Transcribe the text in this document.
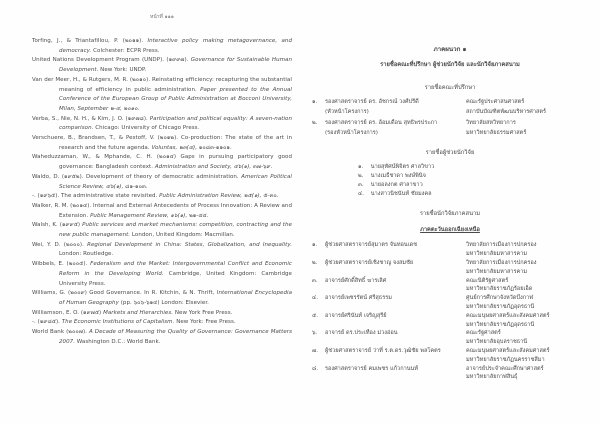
หน้าที่ ๑๑๑
Torfing, J., & Triantafillou, P. (๒๐๑๑). Interactive policy making metagovernance, and democracy. Colchester: ECPR Press.
United Nations Development Program (UNDP). (๑๙๙๗). Governance for Sustainable Human Development. New York: UNDP.
Van der Meer, H., & Rutgers, M. R. (๒๐๑๐). Reinstating efficiency: recapturing the substantial meaning of efficiency in public administration. Paper presented to the Annual Conference of the European Group of Public Administration at Bocconi University, Milan, September ๒-๔, ๒๐๑๐.
Verba, S., Nie, N. H., & Kim, J. O. (๑๙๗๘). Participation and political equality: A seven-nation comparison. Chicago: University of Chicago Press.
Verschuere, B., Brandsen, T., & Pestoff, V. (๒๐๑๒). Co-production: The state of the art in research and the future agenda. Voluntas, ๒๓(๔), ๑๐๘๓-๑๑๐๑.
Waheduzzaman, W., & Mphande, C. H. (๒๐๑๔) Gaps in pursuing participatory good governance: Bangladesh context. Administration and Society, ๔๖(๑), ๓๗-๖๙.
Waldo, D. (๑๙๕๒). Development of theory of democratic administration. American Political Science Review, ๔๖(๑), ๘๑-๑๐๓.
-. (๑๙๖๕). The administrative state revisited. Public Administration Review, ๒๕(๑), ๕-๓๐.
Walker, R. M. (๒๐๑๔). Internal and External Antecedents of Process Innovation: A Review and Extension. Public Management Review, ๑๖(๑), ๒๑-๔๔.
Walsh, K. (๑๙๙๕) Public services and market mechanisms: competition, contracting and the new public management. London, United Kingdom: Macmillan.
Wei, Y. D. (๒๐๐๐). Regional Development in China: States, Globalization, and Inequality. London: Routledge.
Wibbels, E. (๒๐๐๕). Federalism and the Market: Intergovernmental Conflict and Economic Reform in the Developing World. Cambridge, United Kingdom: Cambridge University Press.
Williams, G. (๒๐๐๙) Good Governance. In R. Kitchin, & N. Thrift, International Encyclopedia of Human Geography (pp. ๖๐๖-๖๑๔) London: Elsevier.
Williamson, E. O. (๑๙๗๕) Markets and Hierarchies. New York Free Press.
-. (๑๙๘๕). The Economic Institutions of Capitalism. New York: Free Press.
World Bank (๒๐๐๗). A Decade of Measuring the Quality of Governance: Governance Matters 2007. Washington D.C.: World Bank.
ภาคผนวก ๑
รายชื่อคณะที่ปรึกษา ผู้ช่วยนักวิจัย และนักวิจัยภาคสนาม
รายชื่อคณะที่ปรึกษา
๑.	รองศาสตราจารย์ ดร. อัชกรณ์ วงศ์ปรีดี
(หัวหน้าโครงการ)
คณะรัฐประศาสนศาสตร์
สถาบันบัณฑิตพัฒนบริหารศาสตร์
๒.	รองศาสตราจารย์ ดร. อ้อมเดือน สุทธิพรประภา
(รองหัวหน้าโครงการ)
วิทยาลัยสหวิทยาการ
มหาวิทยาลัยธรรมศาสตร์
รายชื่อผู้ช่วยนักวิจัย
๑. นายสุทัศน์พิจิตร ศาลวิขาว
๒. นางเมธีชาดา พงษ์พินิจ
๓. นายอลงกต ศาลาขาว
๔. นางสาวนิชนันท์ ชัยมงคล
รายชื่อนักวิจัยภาคสนาม
ภาคตะวันออกเฉียงเหนือ
๑.	ผู้ช่วยศาสตราจารย์สุมาตร จันทอนเดช	วิทยาลัยการเมืองการปกครอง
มหาวิทยาลัยมหาสารคาม
๒.	ผู้ช่วยศาสตราจารย์เชิงชาญ จงสมชัย	วิทยาลัยการเมืองการปกครอง
มหาวิทยาลัยมหาสารคาม
๓.	อาจารย์ศักดิ์สิทธิ์ ฆารเลิศ	คณะนิติรัฐศาสตร์
มหาวิทยาลัยราชภัฏร้อยเอ็ด
๔.	อาจารย์เพชรรัตน์ ศรีสุธรรม	ศูนย์การศึกษาจังหวัดบึงกาฬ
มหาวิทยาลัยราชภัฏอุดรธานี
๕.	อาจารย์ศรินันท์ เจริญสุรีย์	คณะมนุษยศาสตร์และสังคมศาสตร์
มหาวิทยาลัยราชภัฏอุดรธานี
๖.	อาจารย์ ดร.ประเทือง ม่วงอ่อน	คณะรัฐศาสตร์
มหาวิทยาลัยอุบลราชธานี
๗.	ผู้ช่วยศาสตราจารย์ ว่าที่ ร.ต.ดร.วุฒิชัย พลโคตร	คณะมนุษยศาสตร์และสังคมศาสตร์
มหาวิทยาลัยราชภัฏนครราชสีมา
๘.	รองศาสตราจารย์ คมเพชร แก้วกานนท์	อาจารย์ประจำคณะศึกษาศาสตร์
มหาวิทยาลัยกาฬสินธุ์
